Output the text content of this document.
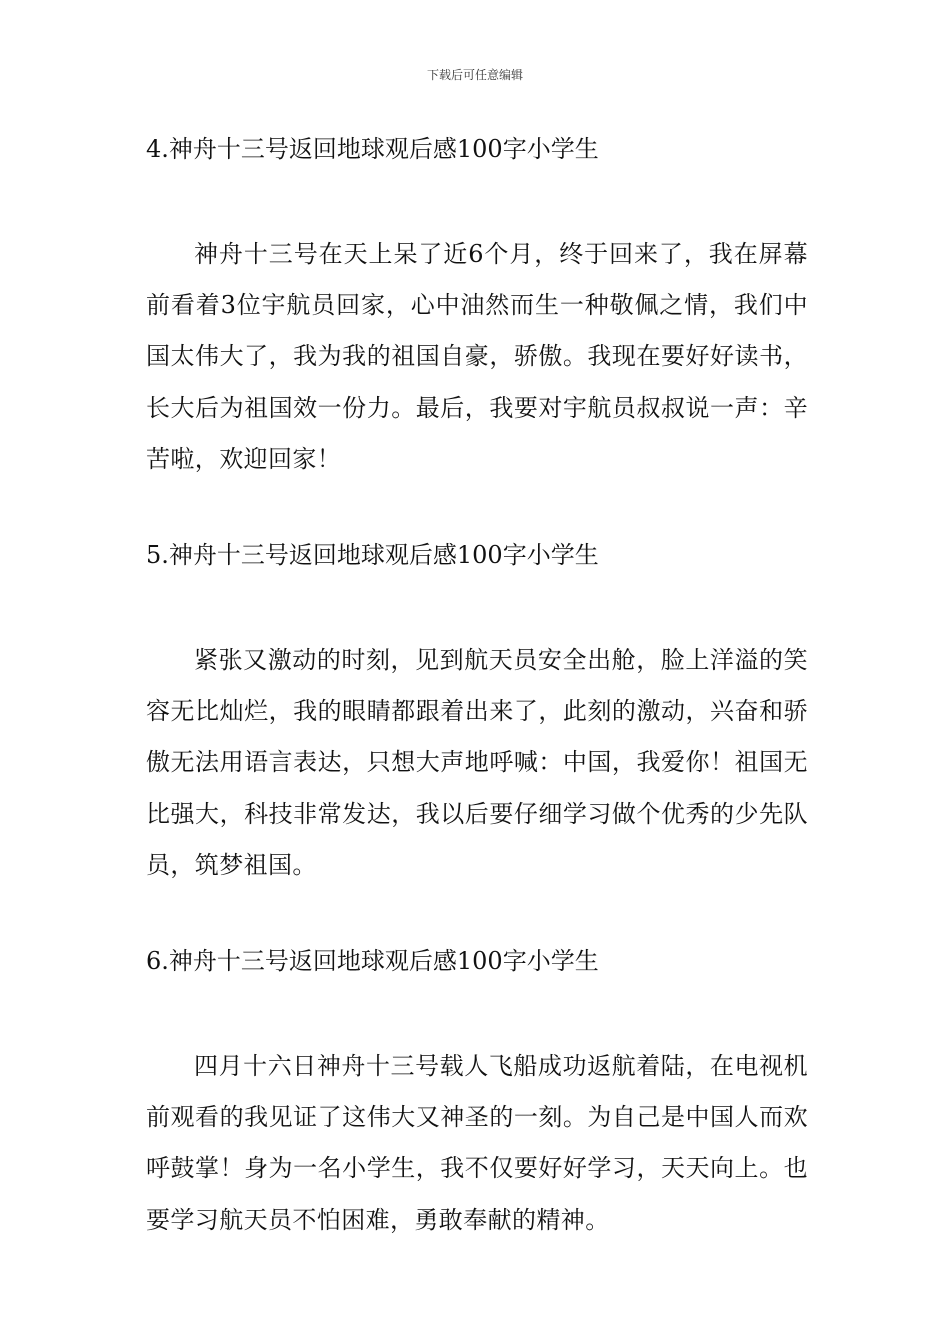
下载后可任意编辑
4.神舟十三号返回地球观后感100字小学生

神舟十三号在天上呆了近6个月，终于回来了，我在屏幕前看着3位宇航员回家，心中油然而生一种敬佩之情，我们中国太伟大了，我为我的祖国自豪，骄傲。我现在要好好读书，长大后为祖国效一份力。最后，我要对宇航员叔叔说一声：辛苦啦，欢迎回家！

5.神舟十三号返回地球观后感100字小学生

紧张又激动的时刻，见到航天员安全出舱，脸上洋溢的笑容无比灿烂，我的眼睛都跟着出来了，此刻的激动，兴奋和骄傲无法用语言表达，只想大声地呼喊：中国，我爱你！祖国无比强大，科技非常发达，我以后要仔细学习做个优秀的少先队员，筑梦祖国。

6.神舟十三号返回地球观后感100字小学生

四月十六日神舟十三号载人飞船成功返航着陆，在电视机前观看的我见证了这伟大又神圣的一刻。为自己是中国人而欢呼鼓掌！身为一名小学生，我不仅要好好学习，天天向上。也要学习航天员不怕困难，勇敢奉献的精神。
